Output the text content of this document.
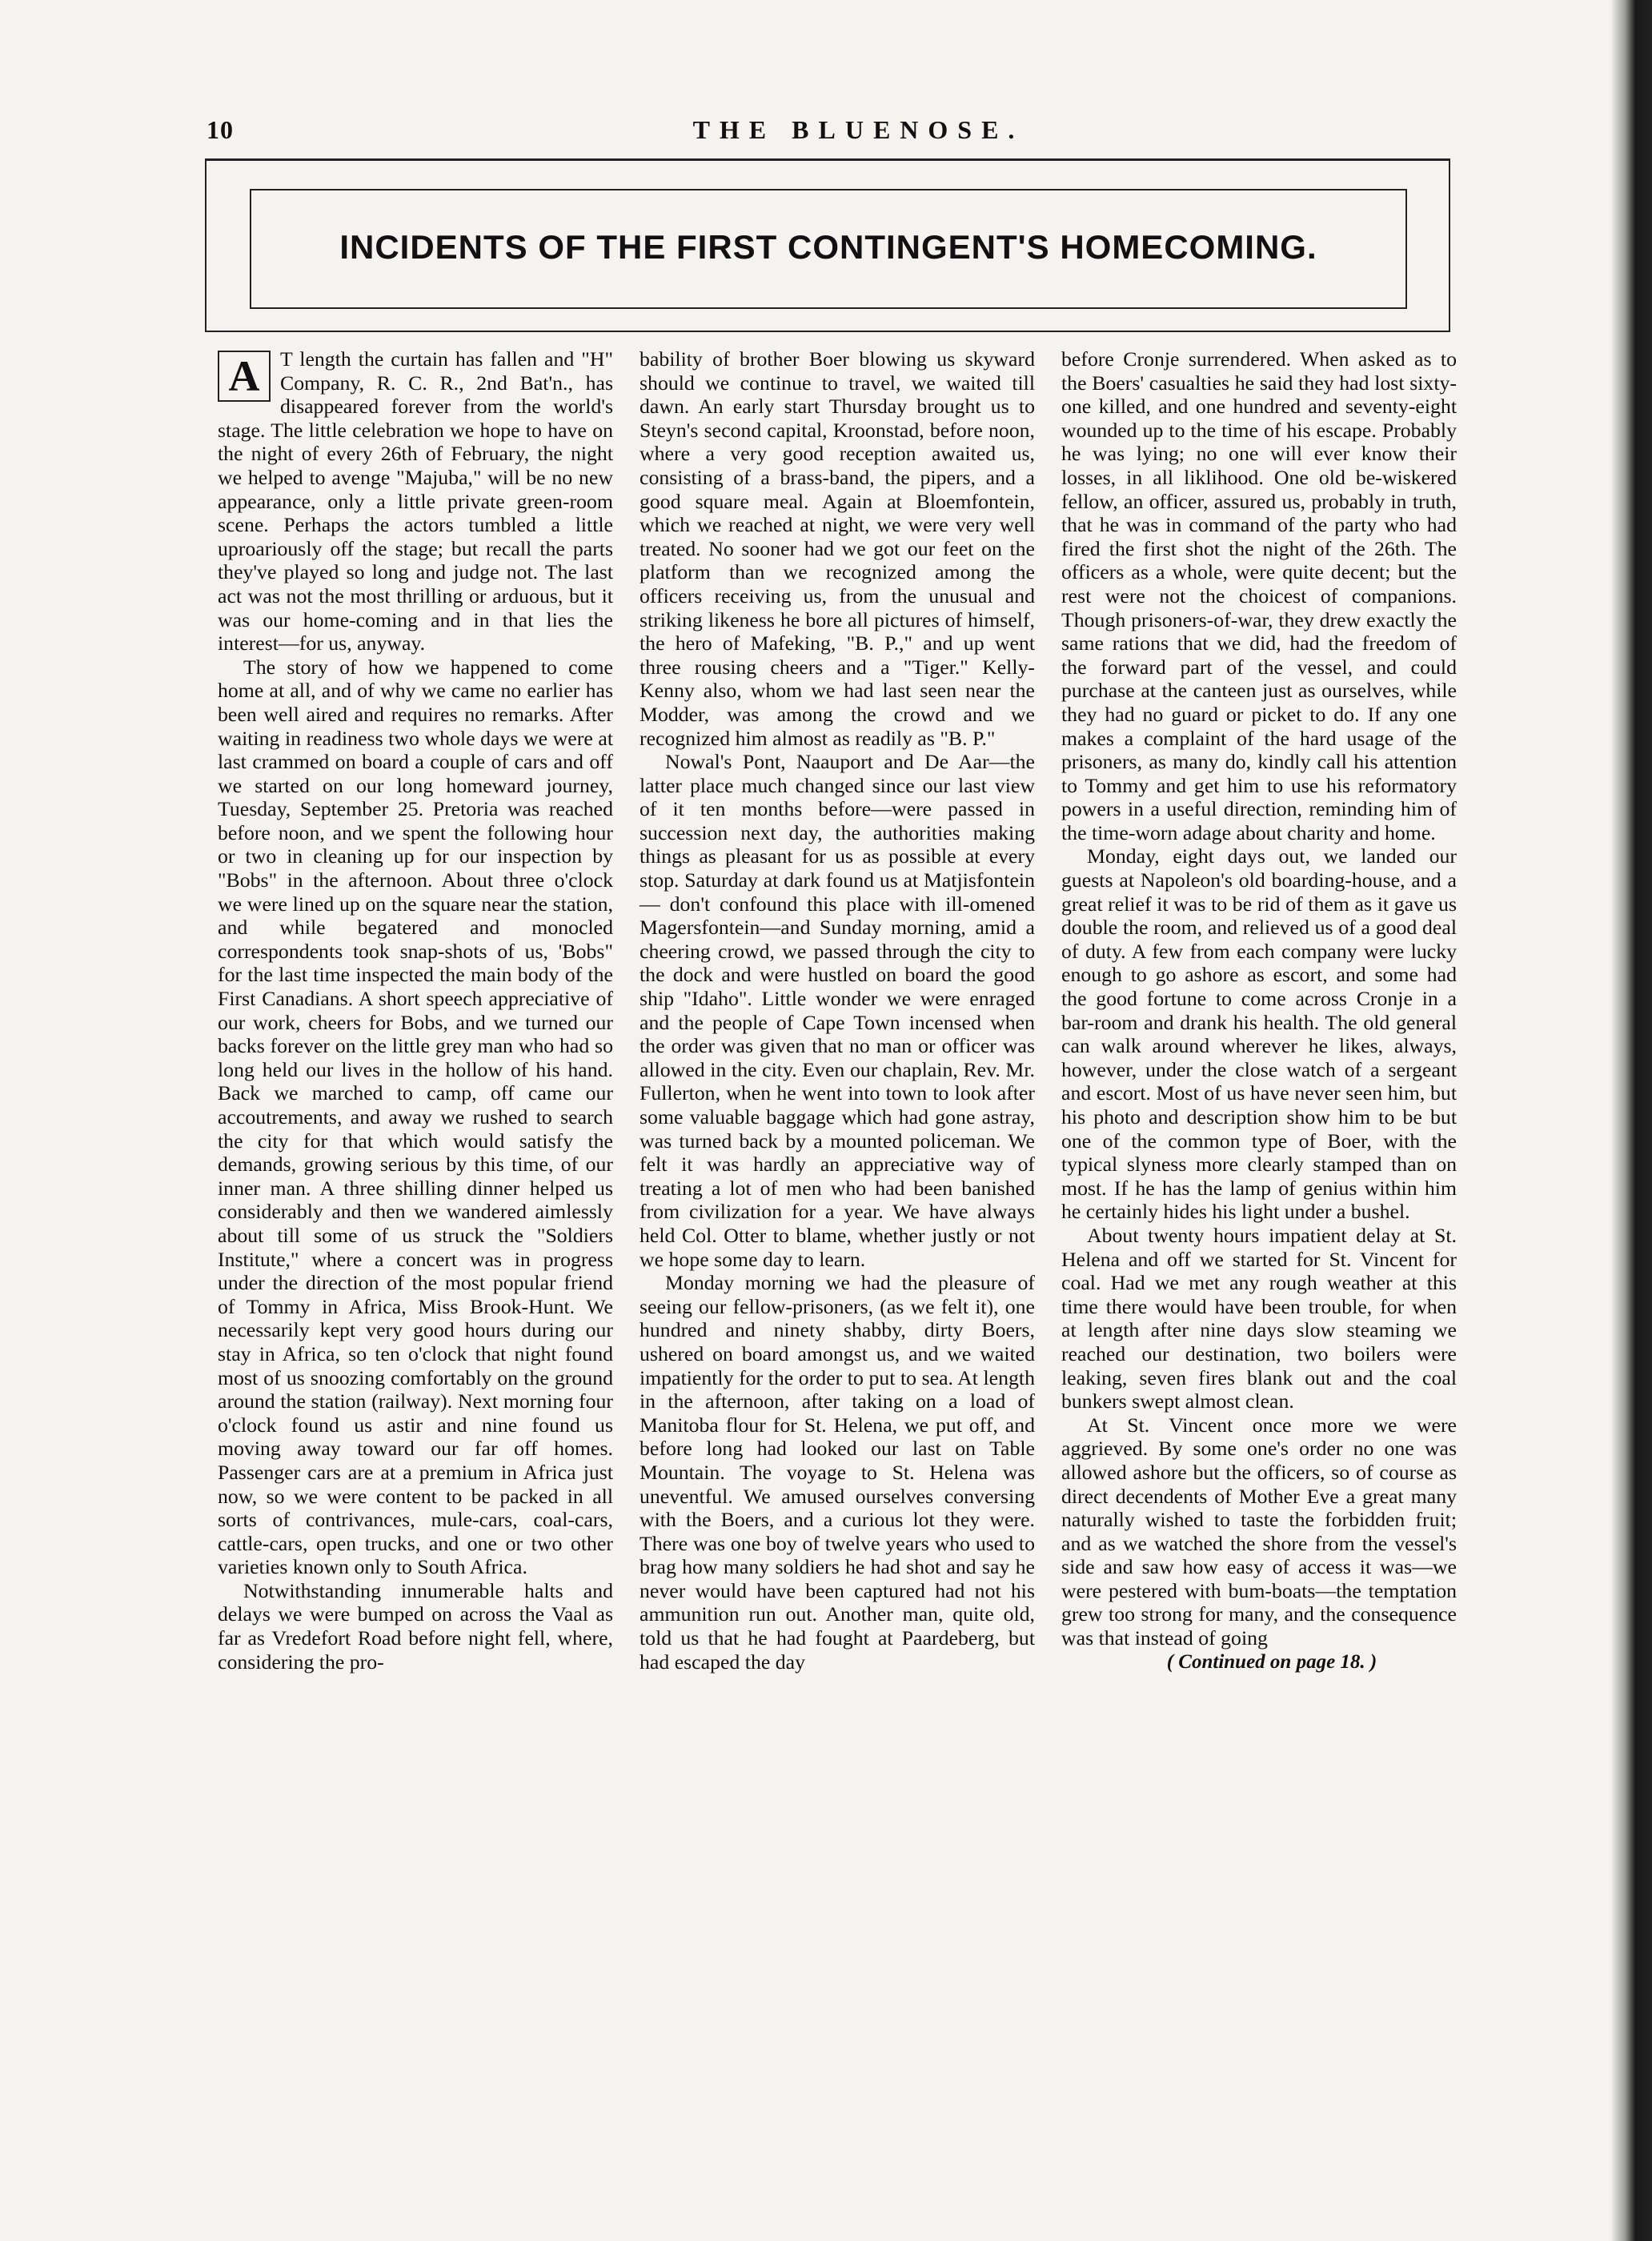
10	THE BLUENOSE.
INCIDENTS OF THE FIRST CONTINGENT'S HOMECOMING.

A T length the curtain has fallen and "H" Company, R. C. R., 2nd Bat'n., has disappeared forever from the world's stage. The little celebration we hope to have on the night of every 26th of February, the night we helped to avenge "Majuba," will be no new appearance, only a little private green-room scene. Perhaps the actors tumbled a little uproariously off the stage; but recall the parts they've played so long and judge not. The last act was not the most thrilling or arduous, but it was our home-coming and in that lies the interest—for us, anyway.

The story of how we happened to come home at all, and of why we came no earlier has been well aired and requires no remarks. After waiting in readiness two whole days we were at last crammed on board a couple of cars and off we started on our long homeward journey, Tuesday, September 25. Pretoria was reached before noon, and we spent the following hour or two in cleaning up for our inspection by "Bobs" in the afternoon. About three o'clock we were lined up on the square near the station, and while begatered and monocled correspondents took snap-shots of us, 'Bobs" for the last time inspected the main body of the First Canadians. A short speech appreciative of our work, cheers for Bobs, and we turned our backs forever on the little grey man who had so long held our lives in the hollow of his hand. Back we marched to camp, off came our accoutrements, and away we rushed to search the city for that which would satisfy the demands, growing serious by this time, of our inner man. A three shilling dinner helped us considerably and then we wandered aimlessly about till some of us struck the "Soldiers Institute," where a concert was in progress under the direction of the most popular friend of Tommy in Africa, Miss Brook-Hunt. We necessarily kept very good hours during our stay in Africa, so ten o'clock that night found most of us snoozing comfortably on the ground around the station (railway). Next morning four o'clock found us astir and nine found us moving away toward our far off homes. Passenger cars are at a premium in Africa just now, so we were content to be packed in all sorts of contrivances, mule-cars, coal-cars, cattle-cars, open trucks, and one or two other varieties known only to South Africa.

Notwithstanding innumerable halts and delays we were bumped on across the Vaal as far as Vredefort Road before night fell, where, considering the pro-

bability of brother Boer blowing us skyward should we continue to travel, we waited till dawn. An early start Thursday brought us to Steyn's second capital, Kroonstad, before noon, where a very good reception awaited us, consisting of a brass-band, the pipers, and a good square meal. Again at Bloemfontein, which we reached at night, we were very well treated. No sooner had we got our feet on the platform than we recognized among the officers receiving us, from the unusual and striking likeness he bore all pictures of himself, the hero of Mafeking, "B. P.," and up went three rousing cheers and a "Tiger." Kelly-Kenny also, whom we had last seen near the Modder, was among the crowd and we recognized him almost as readily as "B. P."

Nowal's Pont, Naauport and De Aar—the latter place much changed since our last view of it ten months before—were passed in succession next day, the authorities making things as pleasant for us as possible at every stop. Saturday at dark found us at Matjisfontein— don't confound this place with ill-omened Magersfontein—and Sunday morning, amid a cheering crowd, we passed through the city to the dock and were hustled on board the good ship "Idaho". Little wonder we were enraged and the people of Cape Town incensed when the order was given that no man or officer was allowed in the city. Even our chaplain, Rev. Mr. Fullerton, when he went into town to look after some valuable baggage which had gone astray, was turned back by a mounted policeman. We felt it was hardly an appreciative way of treating a lot of men who had been banished from civilization for a year. We have always held Col. Otter to blame, whether justly or not we hope some day to learn.

Monday morning we had the pleasure of seeing our fellow-prisoners, (as we felt it), one hundred and ninety shabby, dirty Boers, ushered on board amongst us, and we waited impatiently for the order to put to sea. At length in the afternoon, after taking on a load of Manitoba flour for St. Helena, we put off, and before long had looked our last on Table Mountain. The voyage to St. Helena was uneventful. We amused ourselves conversing with the Boers, and a curious lot they were. There was one boy of twelve years who used to brag how many soldiers he had shot and say he never would have been captured had not his ammunition run out. Another man, quite old, told us that he had fought at Paardeberg, but had escaped the day

before Cronje surrendered. When asked as to the Boers' casualties he said they had lost sixty-one killed, and one hundred and seventy-eight wounded up to the time of his escape. Probably he was lying; no one will ever know their losses, in all liklihood. One old be-wiskered fellow, an officer, assured us, probably in truth, that he was in command of the party who had fired the first shot the night of the 26th. The officers as a whole, were quite decent; but the rest were not the choicest of companions. Though prisoners-of-war, they drew exactly the same rations that we did, had the freedom of the forward part of the vessel, and could purchase at the canteen just as ourselves, while they had no guard or picket to do. If any one makes a complaint of the hard usage of the prisoners, as many do, kindly call his attention to Tommy and get him to use his reformatory powers in a useful direction, reminding him of the time-worn adage about charity and home.

Monday, eight days out, we landed our guests at Napoleon's old boarding-house, and a great relief it was to be rid of them as it gave us double the room, and relieved us of a good deal of duty. A few from each company were lucky enough to go ashore as escort, and some had the good fortune to come across Cronje in a bar-room and drank his health. The old general can walk around wherever he likes, always, however, under the close watch of a sergeant and escort. Most of us have never seen him, but his photo and description show him to be but one of the common type of Boer, with the typical slyness more clearly stamped than on most. If he has the lamp of genius within him he certainly hides his light under a bushel.

About twenty hours impatient delay at St. Helena and off we started for St. Vincent for coal. Had we met any rough weather at this time there would have been trouble, for when at length after nine days slow steaming we reached our destination, two boilers were leaking, seven fires blank out and the coal bunkers swept almost clean.

At St. Vincent once more we were aggrieved. By some one's order no one was allowed ashore but the officers, so of course as direct decendents of Mother Eve a great many naturally wished to taste the forbidden fruit; and as we watched the shore from the vessel's side and saw how easy of access it was—we were pestered with bum-boats—the temptation grew too strong for many, and the consequence was that instead of going

( Continued on page 18. )
